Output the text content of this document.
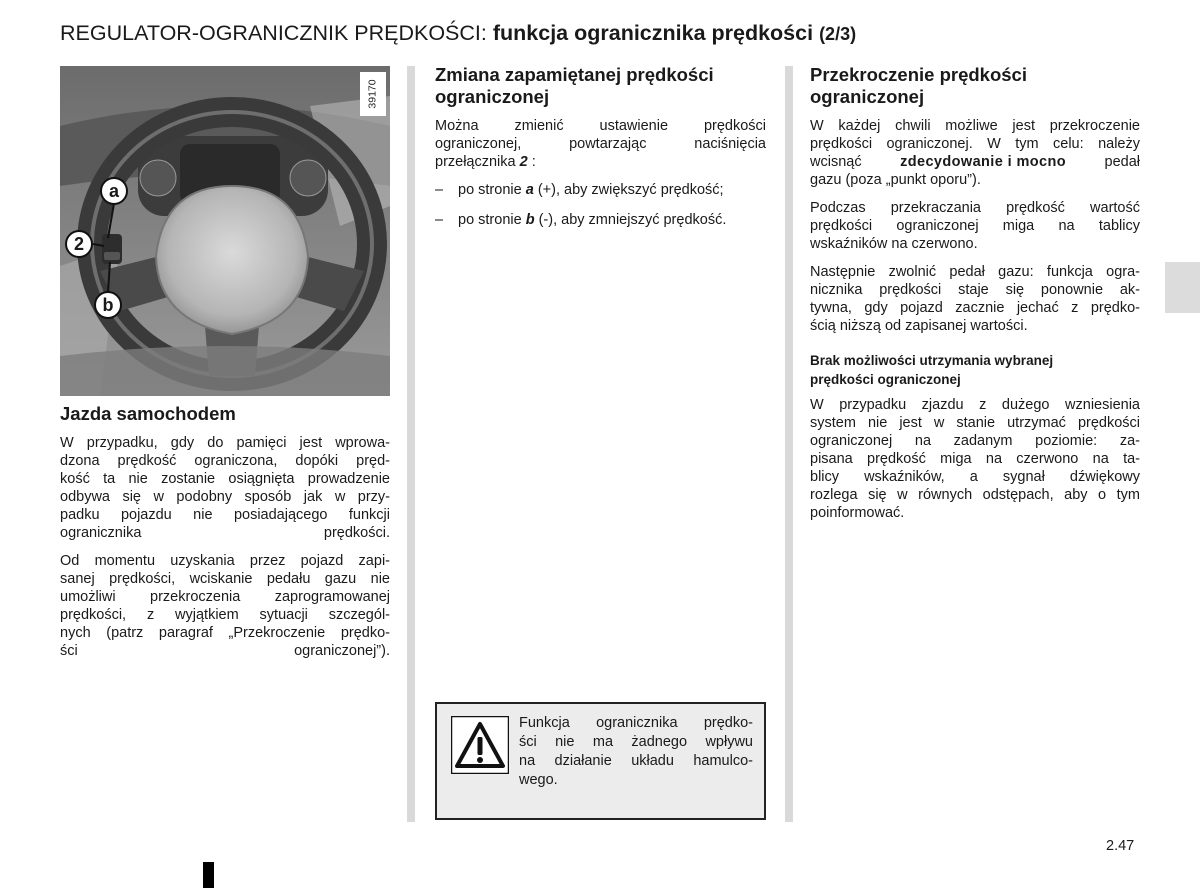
REGULATOR-OGRANICZNIK PRĘDKOŚCI: funkcja ogranicznika prędkości (2/3)
39170
a
2
b
Jazda samochodem
W przypadku, gdy do pamięci jest wprowa-
dzona prędkość ograniczona, dopóki pręd-
kość ta nie zostanie osiągnięta prowadzenie
odbywa się w podobny sposób jak w przy-
padku pojazdu nie posiadającego funkcji
ogranicznika prędkości.
Od momentu uzyskania przez pojazd zapi-
sanej prędkości, wciskanie pedału gazu nie
umożliwi przekroczenia zaprogramowanej
prędkości, z wyjątkiem sytuacji szczegól-
nych (patrz paragraf „Przekroczenie prędko-
ści ograniczonej”).
Zmiana zapamiętanej prędkości
ograniczonej
Można zmienić ustawienie prędkości
ograniczonej, powtarzając naciśnięcia
przełącznika 2 :
–	po stronie a (+), aby zwiększyć prędkość;
–	po stronie b (-), aby zmniejszyć prędkość.
Funkcja ogranicznika prędko-
ści nie ma żadnego wpływu
na działanie układu hamulco-
wego.
Przekroczenie prędkości
ograniczonej
W każdej chwili możliwe jest przekroczenie
prędkości ograniczonej. W tym celu: należy
wcisnąć	zdecydowanie i mocno	pedał
gazu (poza „punkt oporu”).
Podczas przekraczania prędkość wartość
prędkości ograniczonej miga na tablicy
wskaźników na czerwono.
Następnie zwolnić pedał gazu: funkcja ogra-
nicznika prędkości staje się ponownie ak-
tywna, gdy pojazd zacznie jechać z prędko-
ścią niższą od zapisanej wartości.
Brak możliwości utrzymania wybranej
prędkości ograniczonej
W przypadku zjazdu z dużego wzniesienia
system nie jest w stanie utrzymać prędkości
ograniczonej na zadanym poziomie: za-
pisana prędkość miga na czerwono na ta-
blicy wskaźników, a sygnał dźwiękowy
rozlega się w równych odstępach, aby o tym
poinformować.
2.47
